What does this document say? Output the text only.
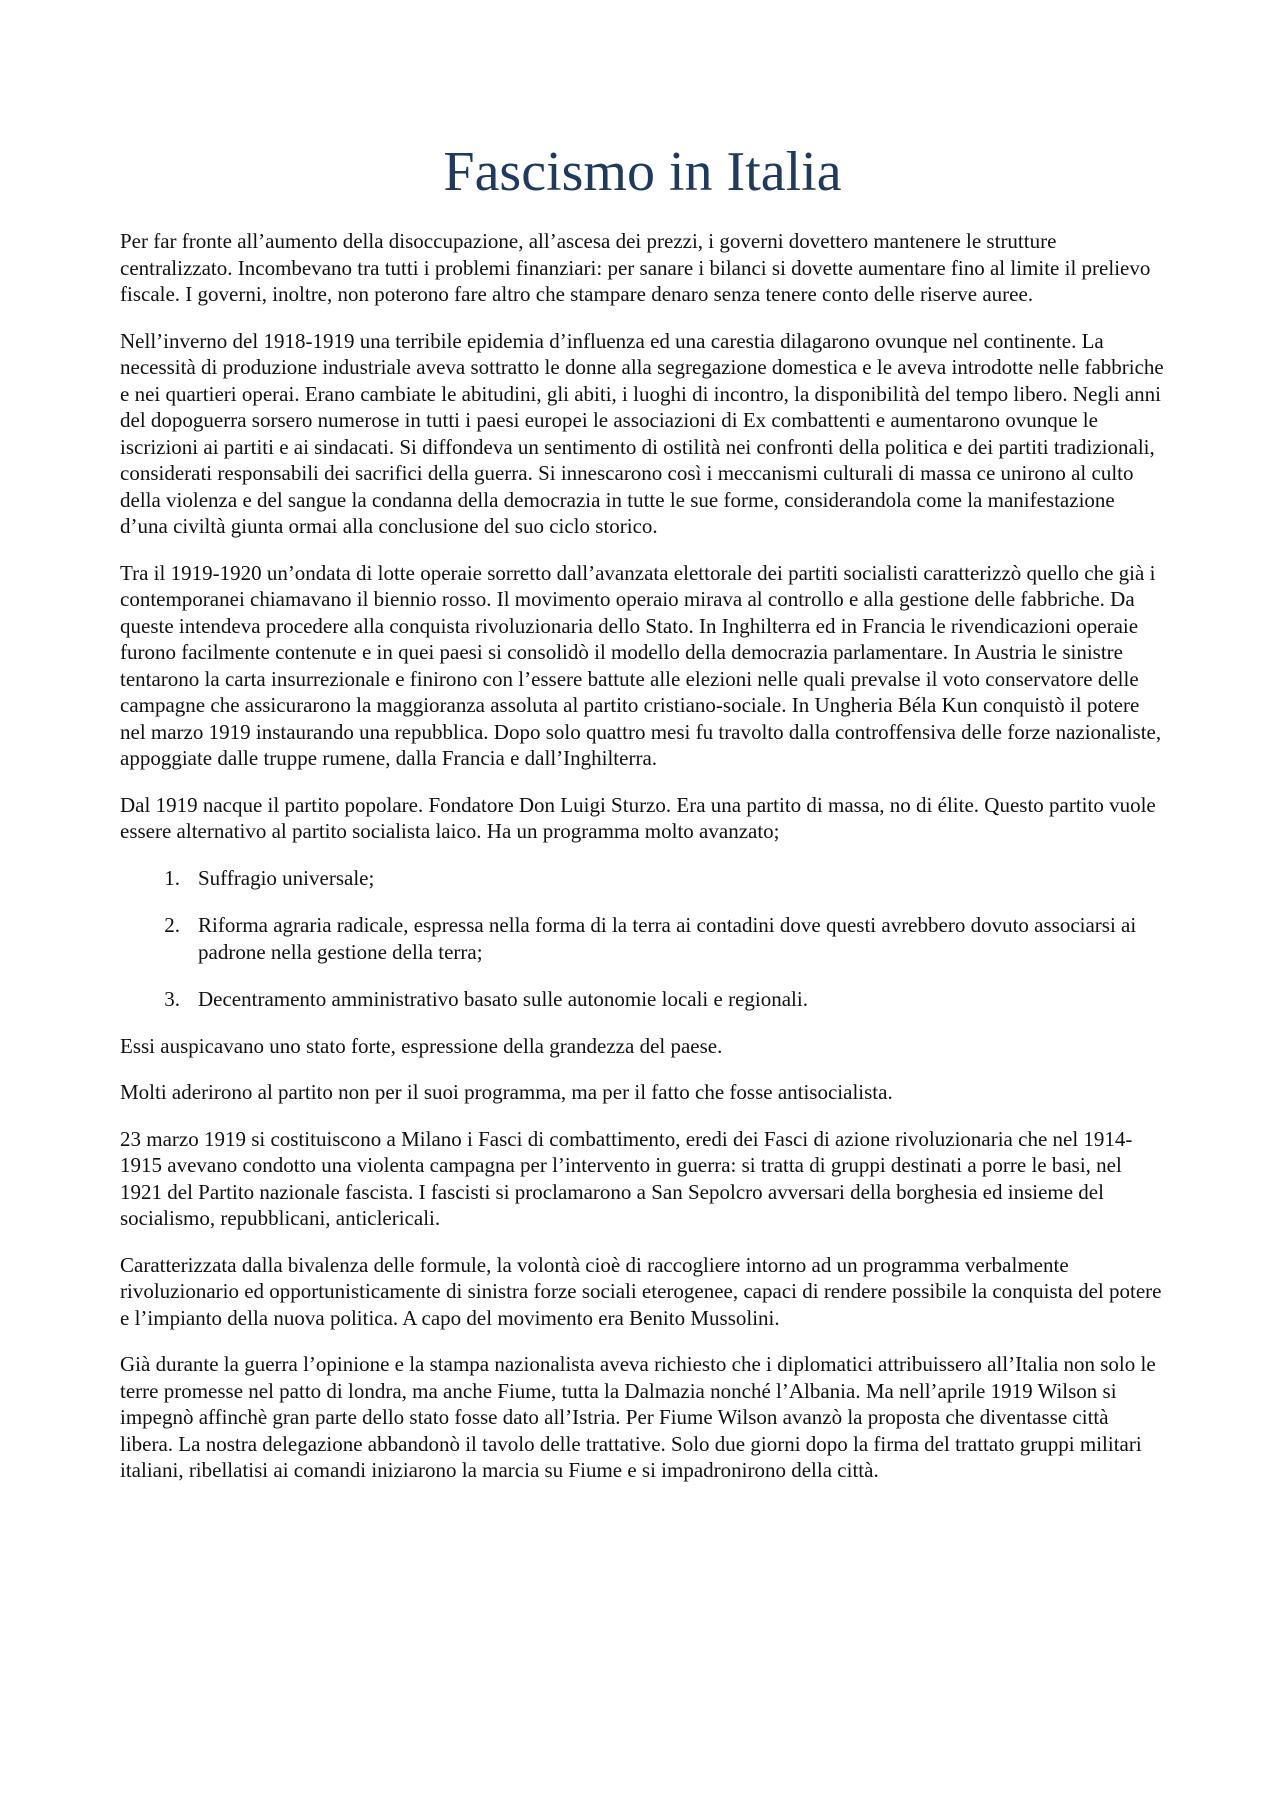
Fascismo in Italia

Per far fronte all’aumento della disoccupazione, all’ascesa dei prezzi, i governi dovettero mantenere le strutture centralizzato. Incombevano tra tutti i problemi finanziari: per sanare i bilanci si dovette aumentare fino al limite il prelievo fiscale. I governi, inoltre, non poterono fare altro che stampare denaro senza tenere conto delle riserve auree.

Nell’inverno del 1918-1919 una terribile epidemia d’influenza ed una carestia dilagarono ovunque nel continente. La necessità di produzione industriale aveva sottratto le donne alla segregazione domestica e le aveva introdotte nelle fabbriche e nei quartieri operai. Erano cambiate le abitudini, gli abiti, i luoghi di incontro, la disponibilità del tempo libero. Negli anni del dopoguerra sorsero numerose in tutti i paesi europei le associazioni di Ex combattenti e aumentarono ovunque le iscrizioni ai partiti e ai sindacati. Si diffondeva un sentimento di ostilità nei confronti della politica e dei partiti tradizionali, considerati responsabili dei sacrifici della guerra. Si innescarono così i meccanismi culturali di massa ce unirono al culto della violenza e del sangue la condanna della democrazia in tutte le sue forme, considerandola come la manifestazione d’una civiltà giunta ormai alla conclusione del suo ciclo storico.

Tra il 1919-1920 un’ondata di lotte operaie sorretto dall’avanzata elettorale dei partiti socialisti caratterizzò quello che già i contemporanei chiamavano il biennio rosso. Il movimento operaio mirava al controllo e alla gestione delle fabbriche. Da queste intendeva procedere alla conquista rivoluzionaria dello Stato. In Inghilterra ed in Francia le rivendicazioni operaie furono facilmente contenute e in quei paesi si consolidò il modello della democrazia parlamentare. In Austria le sinistre tentarono la carta insurrezionale e finirono con l’essere battute alle elezioni nelle quali prevalse il voto conservatore delle campagne che assicurarono la maggioranza assoluta al partito cristiano-sociale. In Ungheria Béla Kun conquistò il potere nel marzo 1919 instaurando una repubblica. Dopo solo quattro mesi fu travolto dalla controffensiva delle forze nazionaliste, appoggiate dalle truppe rumene, dalla Francia e dall’Inghilterra.

Dal 1919 nacque il partito popolare. Fondatore Don Luigi Sturzo. Era una partito di massa, no di élite. Questo partito vuole essere alternativo al partito socialista laico. Ha un programma molto avanzato;

1. Suffragio universale;
2. Riforma agraria radicale, espressa nella forma di la terra ai contadini dove questi avrebbero dovuto associarsi ai padrone nella gestione della terra;
3. Decentramento amministrativo basato sulle autonomie locali e regionali.

Essi auspicavano uno stato forte, espressione della grandezza del paese.

Molti aderirono al partito non per il suoi programma, ma per il fatto che fosse antisocialista.

23 marzo 1919 si costituiscono a Milano i Fasci di combattimento, eredi dei Fasci di azione rivoluzionaria che nel 1914-1915 avevano condotto una violenta campagna per l’intervento in guerra: si tratta di gruppi destinati a porre le basi, nel 1921 del Partito nazionale fascista. I fascisti si proclamarono a San Sepolcro avversari della borghesia ed insieme del socialismo, repubblicani, anticlericali.

Caratterizzata dalla bivalenza delle formule, la volontà cioè di raccogliere intorno ad un programma verbalmente rivoluzionario ed opportunisticamente di sinistra forze sociali eterogenee, capaci di rendere possibile la conquista del potere e l’impianto della nuova politica. A capo del movimento era Benito Mussolini.

Già durante la guerra l’opinione e la stampa nazionalista aveva richiesto che i diplomatici attribuissero all’Italia non solo le terre promesse nel patto di londra, ma anche Fiume, tutta la Dalmazia nonché l’Albania. Ma nell’aprile 1919 Wilson si impegnò affinchè gran parte dello stato fosse dato all’Istria. Per Fiume Wilson avanzò la proposta che diventasse città libera. La nostra delegazione abbandonò il tavolo delle trattative. Solo due giorni dopo la firma del trattato gruppi militari italiani, ribellatisi ai comandi iniziarono la marcia su Fiume e si impadronirono della città.
